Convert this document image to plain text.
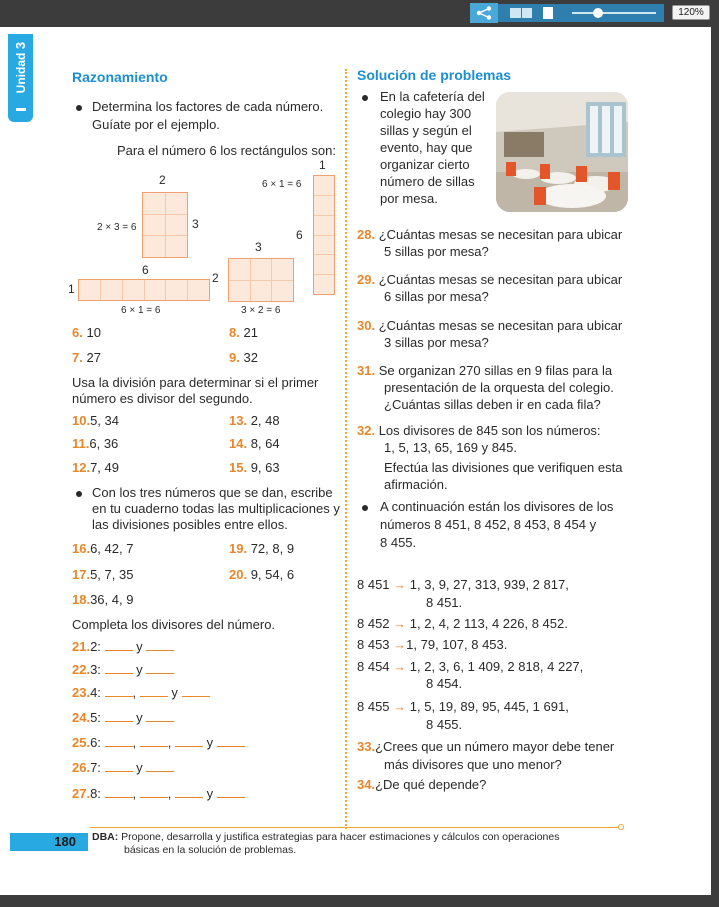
120%
3
Unidad	Razonamiento	Solución de problemas
Determina los factores de cada número.
Guíate por el ejemplo.
Para el número 6 los rectángulos son:
2
3
2 × 3 = 6
6 × 1 = 6
1
6
3
2
3 × 2 = 6
6
1
6 × 1 = 6
6. 10	8. 21
7. 27	9. 32
Usa la división para determinar si el primer
número es divisor del segundo.
10.5, 34	13. 2, 48
11.6, 36	14. 8, 64
12.7, 49	15. 9, 63
Con los tres números que se dan, escribe
en tu cuaderno todas las multiplicaciones y
las divisiones posibles entre ellos.
16.6, 42, 7	19. 72, 8, 9
17.5, 7, 35	20. 9, 54, 6
18.36, 4, 9
Completa los divisores del número.
21.2:	y
22.3:	y
23.4: ,	y
24.5:	y
25.6: , ,	y
26.7:	y
27.8: , ,	y
En la cafetería del
colegio hay 300
sillas y según el
evento, hay que
organizar cierto
número de sillas
por mesa.
28. ¿Cuántas mesas se necesitan para ubicar
5 sillas por mesa?
29. ¿Cuántas mesas se necesitan para ubicar
6 sillas por mesa?
30. ¿Cuántas mesas se necesitan para ubicar
3 sillas por mesa?
31. Se organizan 270 sillas en 9 filas para la
presentación de la orquesta del colegio.
¿Cuántas sillas deben ir en cada fila?
32. Los divisores de 845 son los números:
1, 5, 13, 65, 169 y 845.
Efectúa las divisiones que verifiquen esta
afirmación.
A continuación están los divisores de los
números 8 451, 8 452, 8 453, 8 454 y
8 455.
8 451 → 1, 3, 9, 27, 313, 939, 2 817,
8 451.
8 452 → 1, 2, 4, 2 113, 4 226, 8 452.
8 453 →1, 79, 107, 8 453.
8 454 → 1, 2, 3, 6, 1 409, 2 818, 4 227,
8 454.
8 455 → 1, 5, 19, 89, 95, 445, 1 691,
8 455.
33.¿Crees que un número mayor debe tener
más divisores que uno menor?
34.¿De qué depende?
180	DBA: Propone, desarrolla y justifica estrategias para hacer estimaciones y cálculos con operaciones
básicas en la solución de problemas.
